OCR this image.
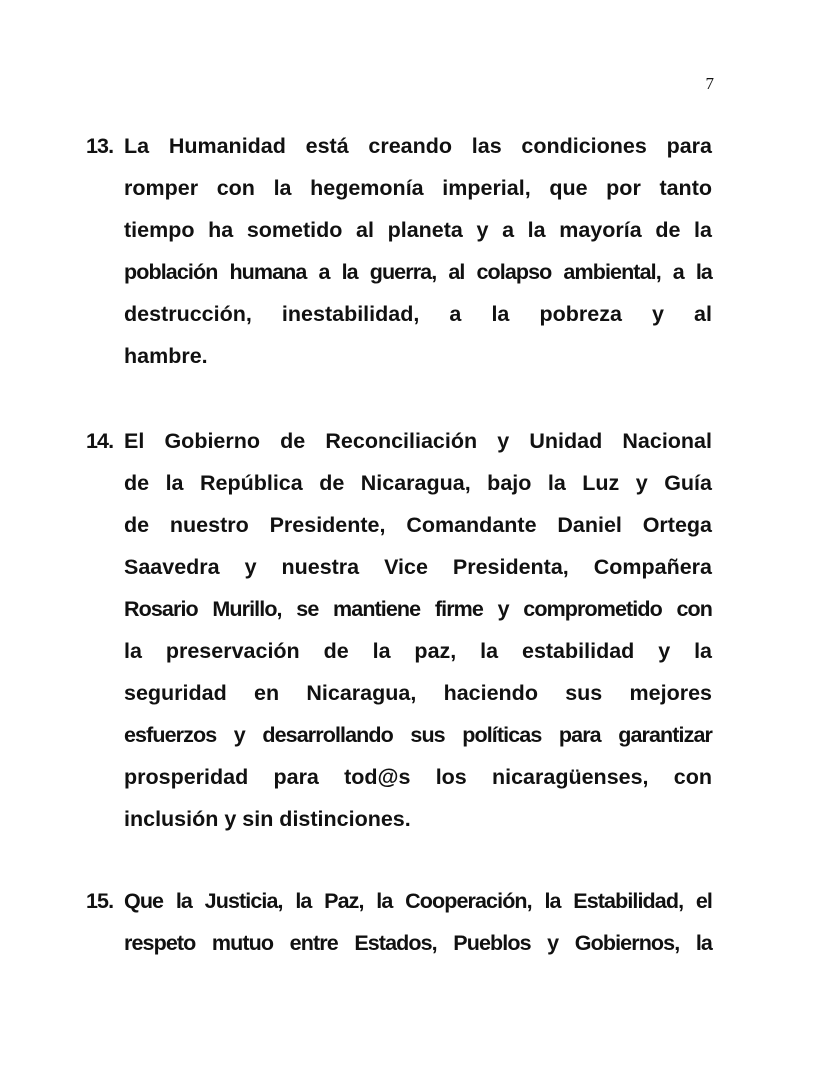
7
13. La Humanidad está creando las condiciones para
romper con la hegemonía imperial, que por tanto
tiempo ha sometido al planeta y a la mayoría de la
población humana a la guerra, al colapso ambiental, a la
destrucción, inestabilidad, a la pobreza y al
hambre.
14. El Gobierno de Reconciliación y Unidad Nacional
de la República de Nicaragua, bajo la Luz y Guía
de nuestro Presidente, Comandante Daniel Ortega
Saavedra y nuestra Vice Presidenta, Compañera
Rosario Murillo, se mantiene firme y comprometido con
la preservación de la paz, la estabilidad y la
seguridad en Nicaragua, haciendo sus mejores
esfuerzos y desarrollando sus políticas para garantizar
prosperidad para tod@s los nicaragüenses, con
inclusión y sin distinciones.
15. Que la Justicia, la Paz, la Cooperación, la Estabilidad, el
respeto mutuo entre Estados, Pueblos y Gobiernos, la
